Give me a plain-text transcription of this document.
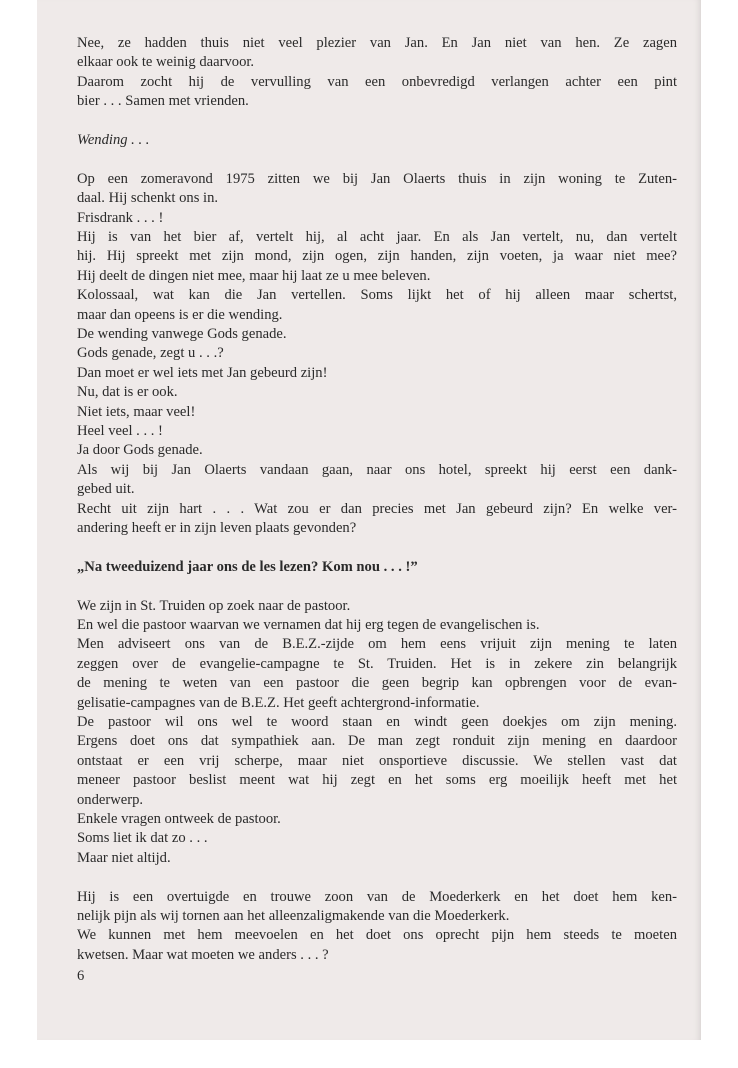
Nee, ze hadden thuis niet veel plezier van Jan. En Jan niet van hen. Ze zagen
elkaar ook te weinig daarvoor.
Daarom zocht hij de vervulling van een onbevredigd verlangen achter een pint
bier . . . Samen met vrienden.
Wending . . .
Op een zomeravond 1975 zitten we bij Jan Olaerts thuis in zijn woning te Zuten-
daal. Hij schenkt ons in.
Frisdrank . . . !
Hij is van het bier af, vertelt hij, al acht jaar. En als Jan vertelt, nu, dan vertelt
hij. Hij spreekt met zijn mond, zijn ogen, zijn handen, zijn voeten, ja waar niet mee?
Hij deelt de dingen niet mee, maar hij laat ze u mee beleven.
Kolossaal, wat kan die Jan vertellen. Soms lijkt het of hij alleen maar schertst,
maar dan opeens is er die wending.
De wending vanwege Gods genade.
Gods genade, zegt u . . .?
Dan moet er wel iets met Jan gebeurd zijn!
Nu, dat is er ook.
Niet iets, maar veel!
Heel veel . . . !
Ja door Gods genade.
Als wij bij Jan Olaerts vandaan gaan, naar ons hotel, spreekt hij eerst een dank-
gebed uit.
Recht uit zijn hart . . . Wat zou er dan precies met Jan gebeurd zijn? En welke ver-
andering heeft er in zijn leven plaats gevonden?
„Na tweeduizend jaar ons de les lezen? Kom nou . . . !”
We zijn in St. Truiden op zoek naar de pastoor.
En wel die pastoor waarvan we vernamen dat hij erg tegen de evangelischen is.
Men adviseert ons van de B.E.Z.-zijde om hem eens vrijuit zijn mening te laten
zeggen over de evangelie-campagne te St. Truiden. Het is in zekere zin belangrijk
de mening te weten van een pastoor die geen begrip kan opbrengen voor de evan-
gelisatie-campagnes van de B.E.Z. Het geeft achtergrond-informatie.
De pastoor wil ons wel te woord staan en windt geen doekjes om zijn mening.
Ergens doet ons dat sympathiek aan. De man zegt ronduit zijn mening en daardoor
ontstaat er een vrij scherpe, maar niet onsportieve discussie. We stellen vast dat
meneer pastoor beslist meent wat hij zegt en het soms erg moeilijk heeft met het
onderwerp.
Enkele vragen ontweek de pastoor.
Soms liet ik dat zo . . .
Maar niet altijd.
Hij is een overtuigde en trouwe zoon van de Moederkerk en het doet hem ken-
nelijk pijn als wij tornen aan het alleenzaligmakende van die Moederkerk.
We kunnen met hem meevoelen en het doet ons oprecht pijn hem steeds te moeten
kwetsen. Maar wat moeten we anders . . . ?
6
